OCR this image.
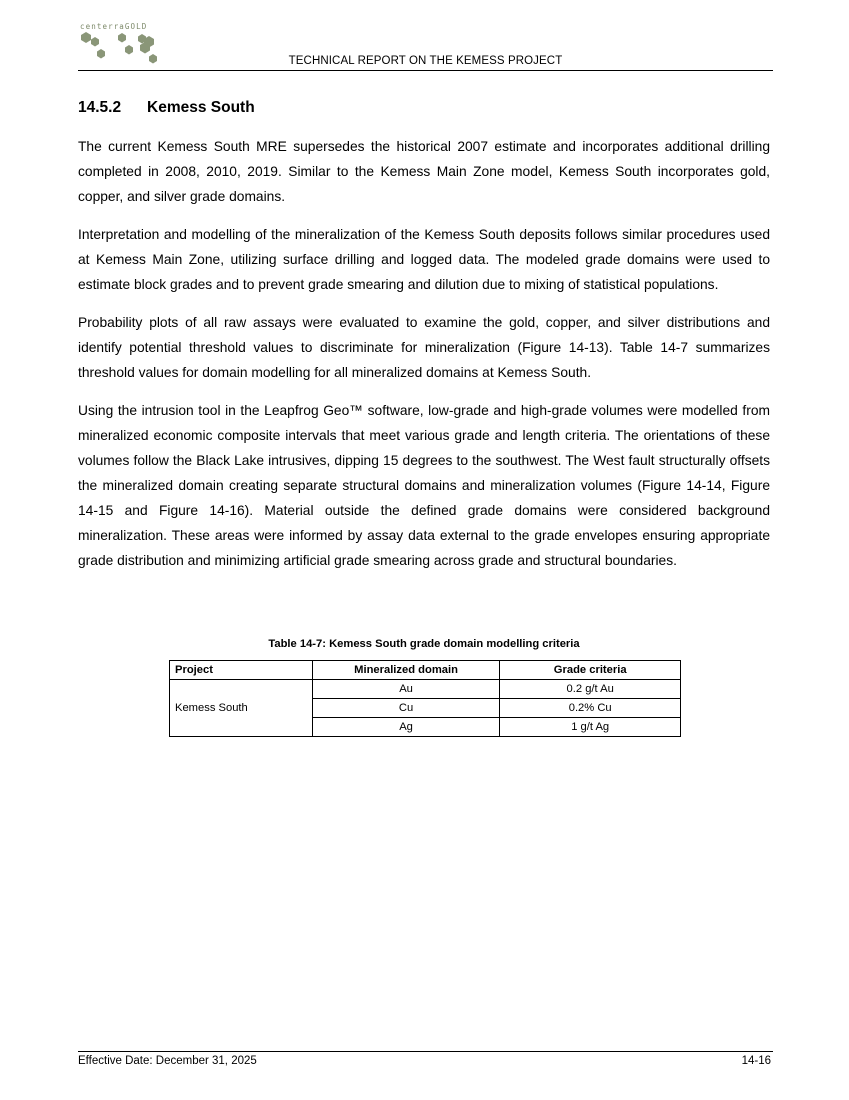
centerraGOLD
TECHNICAL REPORT ON THE KEMESS PROJECT
14.5.2 Kemess South

The current Kemess South MRE supersedes the historical 2007 estimate and incorporates additional drilling completed in 2008, 2010, 2019. Similar to the Kemess Main Zone model, Kemess South incorporates gold, copper, and silver grade domains.

Interpretation and modelling of the mineralization of the Kemess South deposits follows similar procedures used at Kemess Main Zone, utilizing surface drilling and logged data. The modeled grade domains were used to estimate block grades and to prevent grade smearing and dilution due to mixing of statistical populations.

Probability plots of all raw assays were evaluated to examine the gold, copper, and silver distributions and identify potential threshold values to discriminate for mineralization (Figure 14-13). Table 14-7 summarizes threshold values for domain modelling for all mineralized domains at Kemess South.

Using the intrusion tool in the Leapfrog Geo™ software, low-grade and high-grade volumes were modelled from mineralized economic composite intervals that meet various grade and length criteria. The orientations of these volumes follow the Black Lake intrusives, dipping 15 degrees to the southwest. The West fault structurally offsets the mineralized domain creating separate structural domains and mineralization volumes (Figure 14-14, Figure 14-15 and Figure 14-16). Material outside the defined grade domains were considered background mineralization. These areas were informed by assay data external to the grade envelopes ensuring appropriate grade distribution and minimizing artificial grade smearing across grade and structural boundaries.

Table 14-7: Kemess South grade domain modelling criteria
Project	Mineralized domain	Grade criteria
Kemess South	Au	0.2 g/t Au
	Cu	0.2% Cu
	Ag	1 g/t Ag
Effective Date: December 31, 2025	14-16
